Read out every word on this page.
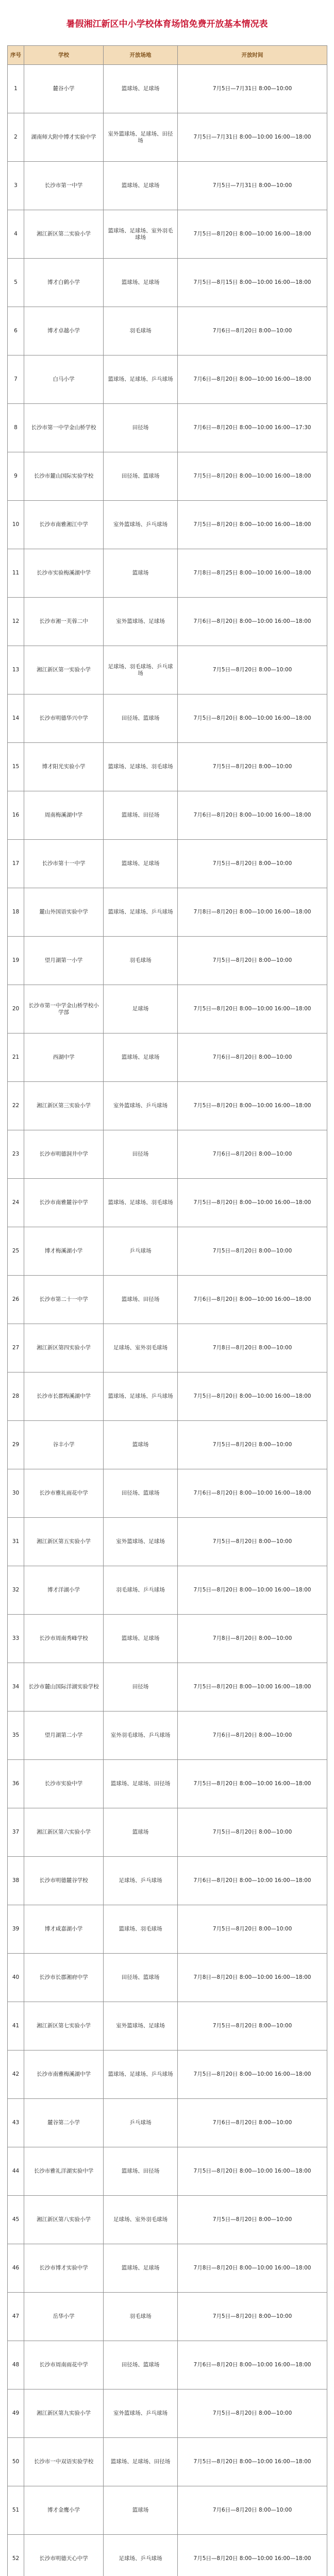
暑假湘江新区中小学校体育场馆免费开放基本情况表
序号	学校	开放场地	开放时间
1	麓谷小学	篮球场、足球场	7月5日—7月31日 8:00—10:00
2	湖南师大附中博才实验中学	室外篮球场、足球场、田径场	7月5日—7月31日 8:00—10:00 16:00—18:00
3	长沙市第一中学	篮球场、足球场	7月5日—7月31日 8:00—10:00
4	湘江新区第二实验小学	篮球场、足球场、室外羽毛球场	7月5日—8月20日 8:00—10:00 16:00—18:00
5	博才白鹤小学	篮球场、足球场	7月5日—8月15日 8:00—10:00 16:00—18:00
6	博才卓越小学	羽毛球场	7月6日—8月20日 8:00—10:00
7	白马小学	篮球场、足球场、乒乓球场	7月6日—8月20日 8:00—10:00 16:00—18:00
8	长沙市第一中学金山桥学校	田径场	7月6日—8月20日 8:00—10:00 16:00—17:30
9	长沙市麓山国际实验学校	田径场、篮球场	7月5日—8月20日 8:00—10:00 16:00—18:00
10	长沙市南雅湘江中学	室外篮球场、乒乓球场	7月5日—8月20日 8:00—10:00 16:00—18:00
11	长沙市实验梅溪湖中学	篮球场	7月8日—8月25日 8:00—10:00 16:00—18:00
12	长沙市湘一芙蓉二中	室外篮球场、足球场	7月6日—8月20日 8:00—10:00 16:00—18:00
13	湘江新区第一实验小学	足球场、羽毛球场、乒乓球场	7月5日—8月20日 8:00—10:00
14	长沙市明德华兴中学	田径场、篮球场	7月5日—8月20日 8:00—10:00 16:00—18:00
15	博才阳光实验小学	篮球场、足球场、羽毛球场	7月5日—8月20日 8:00—10:00
16	周南梅溪湖中学	篮球场、田径场	7月6日—8月20日 8:00—10:00 16:00—18:00
17	长沙市第十一中学	篮球场、足球场	7月5日—8月20日 8:00—10:00
18	麓山外国语实验中学	篮球场、足球场、乒乓球场	7月8日—8月20日 8:00—10:00 16:00—18:00
19	望月湖第一小学	羽毛球场	7月5日—8月20日 8:00—10:00
20	长沙市第一中学金山桥学校小学部	足球场	7月5日—8月20日 8:00—10:00 16:00—18:00
21	西湖中学	篮球场、足球场	7月6日—8月20日 8:00—10:00
22	湘江新区第三实验小学	室外篮球场、乒乓球场	7月5日—8月20日 8:00—10:00 16:00—18:00
23	长沙市明德洞井中学	田径场	7月6日—8月20日 8:00—10:00
24	长沙市南雅麓谷中学	篮球场、足球场、羽毛球场	7月5日—8月20日 8:00—10:00 16:00—18:00
25	博才梅溪湖小学	乒乓球场	7月5日—8月20日 8:00—10:00
26	长沙市第二十一中学	篮球场、田径场	7月6日—8月20日 8:00—10:00 16:00—18:00
27	湘江新区第四实验小学	足球场、室外羽毛球场	7月8日—8月20日 8:00—10:00
28	长沙市长郡梅溪湖中学	篮球场、足球场、乒乓球场	7月5日—8月20日 8:00—10:00 16:00—18:00
29	谷丰小学	篮球场	7月5日—8月20日 8:00—10:00
30	长沙市雅礼雨花中学	田径场、篮球场	7月6日—8月20日 8:00—10:00 16:00—18:00
31	湘江新区第五实验小学	室外篮球场、足球场	7月5日—8月20日 8:00—10:00
32	博才洋湖小学	羽毛球场、乒乓球场	7月5日—8月20日 8:00—10:00 16:00—18:00
33	长沙市周南秀峰学校	篮球场、足球场	7月8日—8月20日 8:00—10:00
34	长沙市麓山国际洋湖实验学校	田径场	7月5日—8月20日 8:00—10:00 16:00—18:00
35	望月湖第二小学	室外羽毛球场、乒乓球场	7月6日—8月20日 8:00—10:00
36	长沙市实验中学	篮球场、足球场、田径场	7月5日—8月20日 8:00—10:00 16:00—18:00
37	湘江新区第六实验小学	篮球场	7月5日—8月20日 8:00—10:00
38	长沙市明德麓谷学校	足球场、乒乓球场	7月6日—8月20日 8:00—10:00 16:00—18:00
39	博才咸嘉湖小学	篮球场、羽毛球场	7月5日—8月20日 8:00—10:00
40	长沙市长郡湘府中学	田径场、篮球场	7月8日—8月20日 8:00—10:00 16:00—18:00
41	湘江新区第七实验小学	室外篮球场、足球场	7月5日—8月20日 8:00—10:00
42	长沙市南雅梅溪湖中学	篮球场、足球场、乒乓球场	7月5日—8月20日 8:00—10:00 16:00—18:00
43	麓谷第二小学	乒乓球场	7月6日—8月20日 8:00—10:00
44	长沙市雅礼洋湖实验中学	篮球场、田径场	7月5日—8月20日 8:00—10:00 16:00—18:00
45	湘江新区第八实验小学	足球场、室外羽毛球场	7月5日—8月20日 8:00—10:00
46	长沙市博才实验中学	篮球场、足球场	7月8日—8月20日 8:00—10:00 16:00—18:00
47	岳华小学	羽毛球场	7月5日—8月20日 8:00—10:00
48	长沙市周南雨花中学	田径场、篮球场	7月6日—8月20日 8:00—10:00 16:00—18:00
49	湘江新区第九实验小学	室外篮球场、乒乓球场	7月5日—8月20日 8:00—10:00
50	长沙市一中双语实验学校	篮球场、足球场、田径场	7月5日—8月20日 8:00—10:00 16:00—18:00
51	博才金鹰小学	篮球场	7月6日—8月20日 8:00—10:00
52	长沙市明德天心中学	足球场、乒乓球场	7月5日—8月20日 8:00—10:00 16:00—18:00
